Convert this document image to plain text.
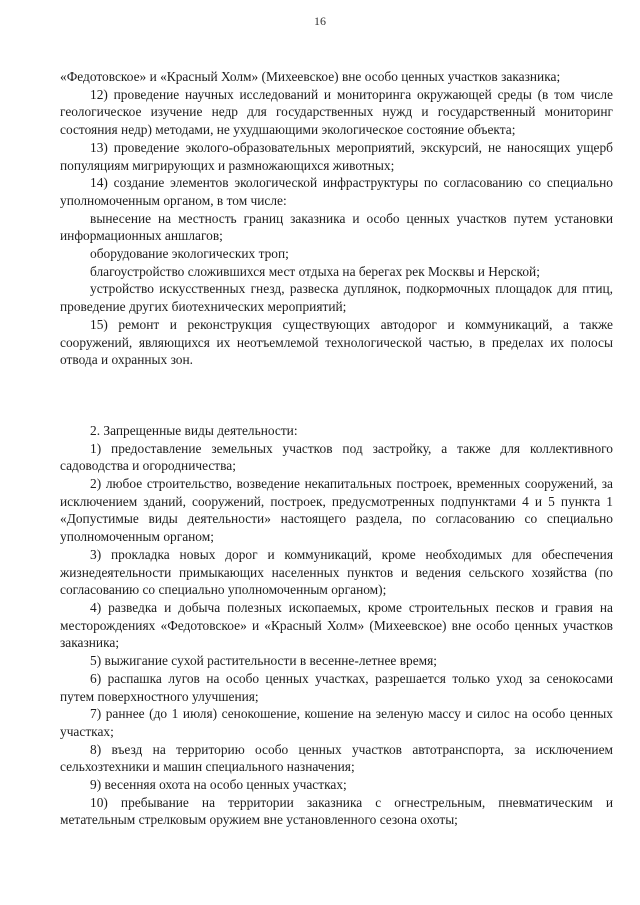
16

«Федотовское» и «Красный Холм» (Михеевское) вне особо ценных участков заказника;

12) проведение научных исследований и мониторинга окружающей среды (в том числе геологическое изучение недр для государственных нужд и государственный мониторинг состояния недр) методами, не ухудшающими экологическое состояние объекта;

13) проведение эколого-образовательных мероприятий, экскурсий, не наносящих ущерб популяциям мигрирующих и размножающихся животных;

14) создание элементов экологической инфраструктуры по согласованию со специально уполномоченным органом, в том числе:

вынесение на местность границ заказника и особо ценных участков путем установки информационных аншлагов;

оборудование экологических троп;

благоустройство сложившихся мест отдыха на берегах рек Москвы и Нерской;

устройство искусственных гнезд, развеска дуплянок, подкормочных площадок для птиц, проведение других биотехнических мероприятий;

15) ремонт и реконструкция существующих автодорог и коммуникаций, а также сооружений, являющихся их неотъемлемой технологической частью, в пределах их полосы отвода и охранных зон.

2. Запрещенные виды деятельности:

1) предоставление земельных участков под застройку, а также для коллективного садоводства и огородничества;

2) любое строительство, возведение некапитальных построек, временных сооружений, за исключением зданий, сооружений, построек, предусмотренных подпунктами 4 и 5 пункта 1 «Допустимые виды деятельности» настоящего раздела, по согласованию со специально уполномоченным органом;

3) прокладка новых дорог и коммуникаций, кроме необходимых для обеспечения жизнедеятельности примыкающих населенных пунктов и ведения сельского хозяйства (по согласованию со специально уполномоченным органом);

4) разведка и добыча полезных ископаемых, кроме строительных песков и гравия на месторождениях «Федотовское» и «Красный Холм» (Михеевское) вне особо ценных участков заказника;

5) выжигание сухой растительности в весенне-летнее время;

6) распашка лугов на особо ценных участках, разрешается только уход за сенокосами путем поверхностного улучшения;

7) раннее (до 1 июля) сенокошение, кошение на зеленую массу и силос на особо ценных участках;

8) въезд на территорию особо ценных участков автотранспорта, за исключением сельхозтехники и машин специального назначения;

9) весенняя охота на особо ценных участках;

10) пребывание на территории заказника с огнестрельным, пневматическим и метательным стрелковым оружием вне установленного сезона охоты;
